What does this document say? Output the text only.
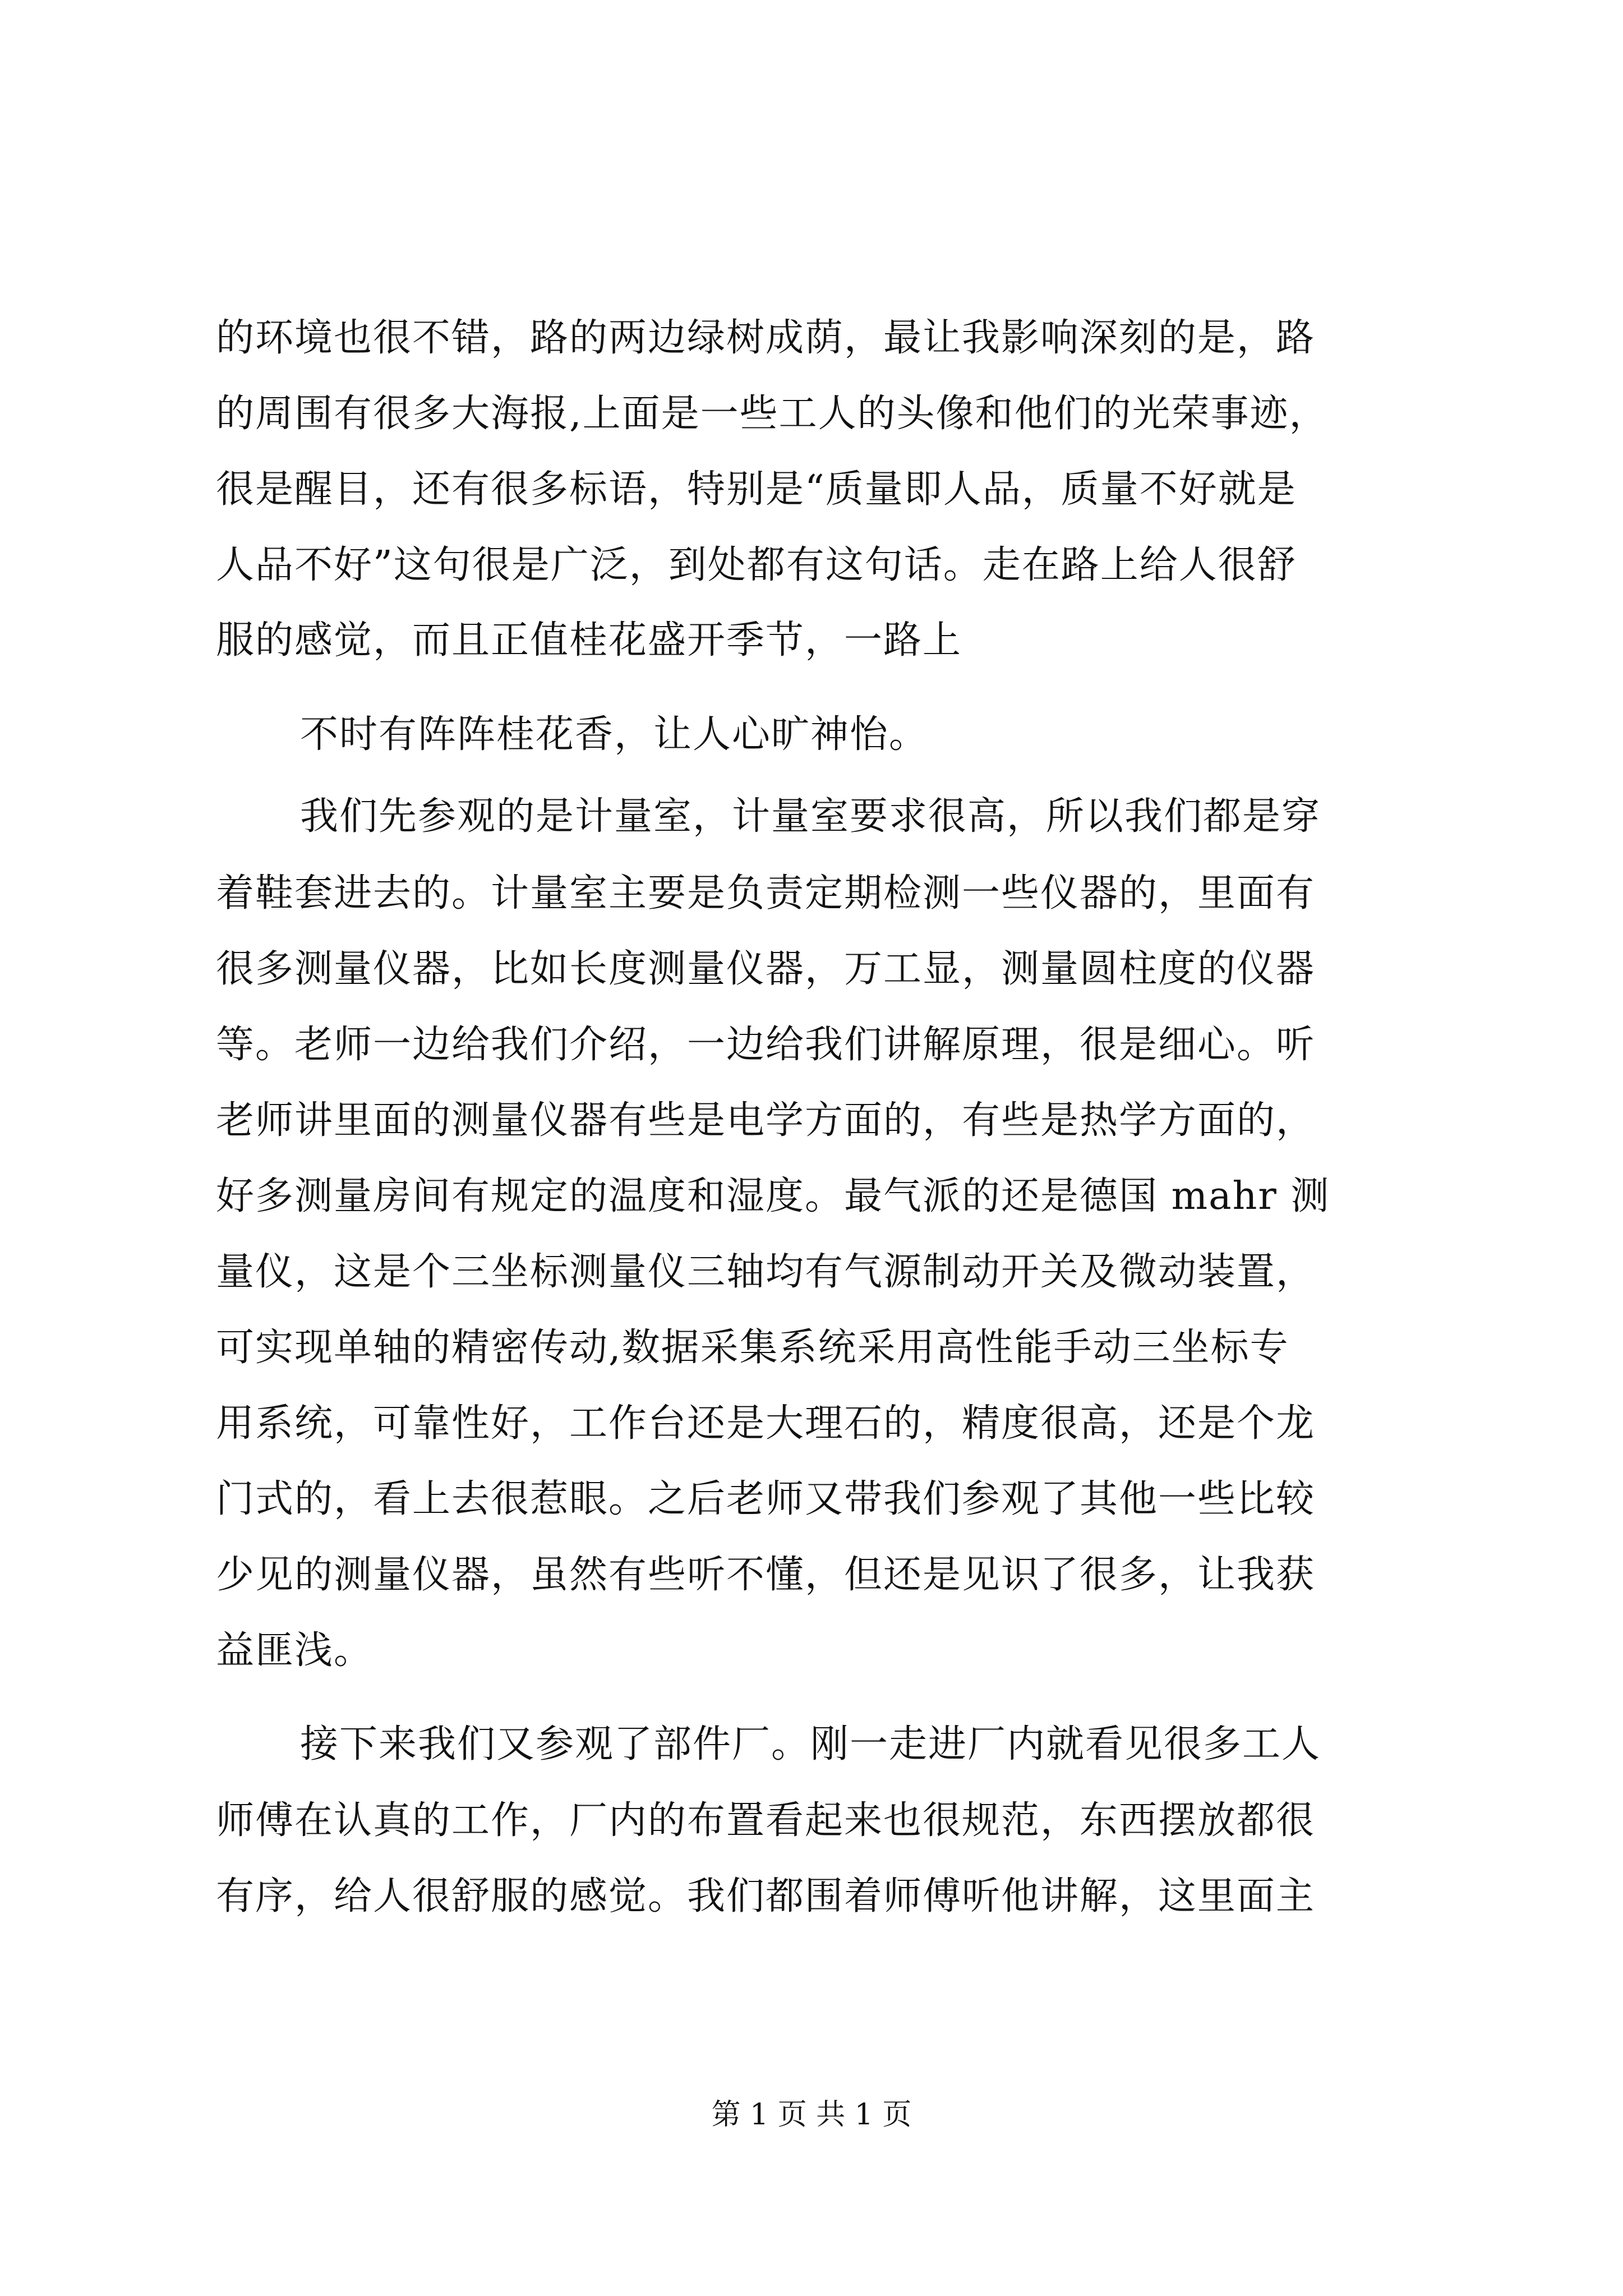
的环境也很不错，路的两边绿树成荫，最让我影响深刻的是，路
的周围有很多大海报,上面是一些工人的头像和他们的光荣事迹，
很是醒目，还有很多标语，特别是“质量即人品，质量不好就是
人品不好”这句很是广泛，到处都有这句话。走在路上给人很舒
服的感觉，而且正值桂花盛开季节，一路上
不时有阵阵桂花香，让人心旷神怡。
我们先参观的是计量室，计量室要求很高，所以我们都是穿
着鞋套进去的。计量室主要是负责定期检测一些仪器的，里面有
很多测量仪器，比如长度测量仪器，万工显，测量圆柱度的仪器
等。老师一边给我们介绍，一边给我们讲解原理，很是细心。听
老师讲里面的测量仪器有些是电学方面的，有些是热学方面的，
好多测量房间有规定的温度和湿度。最气派的还是德国 mahr 测
量仪，这是个三坐标测量仪三轴均有气源制动开关及微动装置，
可实现单轴的精密传动,数据采集系统采用高性能手动三坐标专
用系统，可靠性好，工作台还是大理石的，精度很高，还是个龙
门式的，看上去很惹眼。之后老师又带我们参观了其他一些比较
少见的测量仪器，虽然有些听不懂，但还是见识了很多，让我获
益匪浅。
接下来我们又参观了部件厂。刚一走进厂内就看见很多工人
师傅在认真的工作，厂内的布置看起来也很规范，东西摆放都很
有序，给人很舒服的感觉。我们都围着师傅听他讲解，这里面主
第 1 页 共 1 页
